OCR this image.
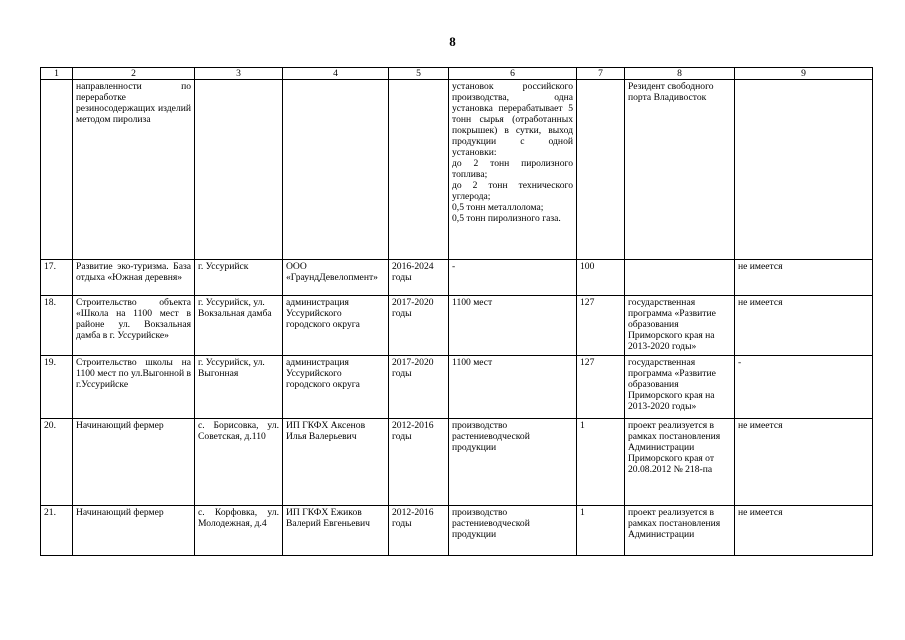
8
1	2	3	4	5	6	7	8	9
	направленности по переработке резиносодержащих изделий методом пиролиза				установок российского производства, одна установка перерабатывает 5 тонн сырья (отработанных покрышек) в сутки, выход продукции с одной установки:
до 2 тонн пиролизного топлива;
до 2 тонн технического углерода;
0,5 тонн металлолома;
0,5 тонн пиролизного газа.		Резидент свободного порта Владивосток	
17.	Развитие эко-туризма. База отдыха «Южная деревня»	г. Уссурийск	ООО «ГраундДевелопмент»	2016-2024 годы	-	100		не имеется
18.	Строительство объекта «Школа на 1100 мест в районе ул. Вокзальная дамба в г. Уссурийске»	г. Уссурийск, ул. Вокзальная дамба	администрация Уссурийского городского округа	2017-2020 годы	1100 мест	127	государственная программа «Развитие образования Приморского края на 2013-2020 годы»	не имеется
19.	Строительство школы на 1100 мест по ул.Выгонной в г.Уссурийске	г. Уссурийск, ул. Выгонная	администрация Уссурийского городского округа	2017-2020 годы	1100 мест	127	государственная программа «Развитие образования Приморского края на 2013-2020 годы»	-
20.	Начинающий фермер	с. Борисовка, ул. Советская, д.110	ИП ГКФХ Аксенов Илья Валерьевич	2012-2016 годы	производство растениеводческой продукции	1	проект реализуется в рамках постановления Администрации Приморского края от 20.08.2012 № 218-па	не имеется
21.	Начинающий фермер	с. Корфовка, ул. Молодежная, д.4	ИП ГКФХ Ежиков Валерий Евгеньевич	2012-2016 годы	производство растениеводческой продукции	1	проект реализуется в рамках постановления Администрации	не имеется
